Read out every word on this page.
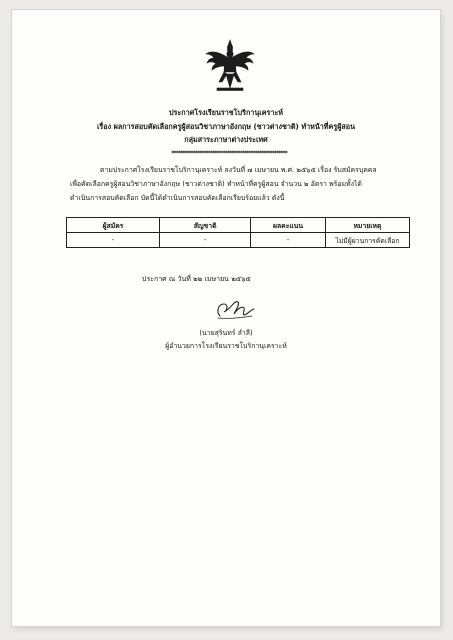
ประกาศโรงเรียนราชโบริกานุเคราะห์
เรื่อง ผลการสอบคัดเลือกครูผู้สอนวิชาภาษาอังกฤษ (ชาวต่างชาติ) ทำหน้าที่ครูผู้สอน
กลุ่มสาระภาษาต่างประเทศ
******************************************************
ตามประกาศโรงเรียนราชโบริกานุเคราะห์ ลงวันที่ ๗ เมษายน พ.ศ. ๒๕๖๕ เรื่อง รับสมัครบุคคล
เพื่อคัดเลือกครูผู้สอนวิชาภาษาอังกฤษ (ชาวต่างชาติ) ทำหน้าที่ครูผู้สอน จำนวน ๒ อัตรา พร้อมทั้งได้
ดำเนินการสอบคัดเลือก บัดนี้ได้ดำเนินการสอบคัดเลือกเรียบร้อยแล้ว ดังนี้
ผู้สมัคร	สัญชาติ	ผลคะแนน	หมายเหตุ
-	-	-	ไม่มีผู้ผ่านการคัดเลือก
ประกาศ ณ วันที่ ๒๒ เมษายน ๒๕๖๕
(นายสุรินทร์ ลำลี)
ผู้อำนวยการโรงเรียนราชโบริกานุเคราะห์
